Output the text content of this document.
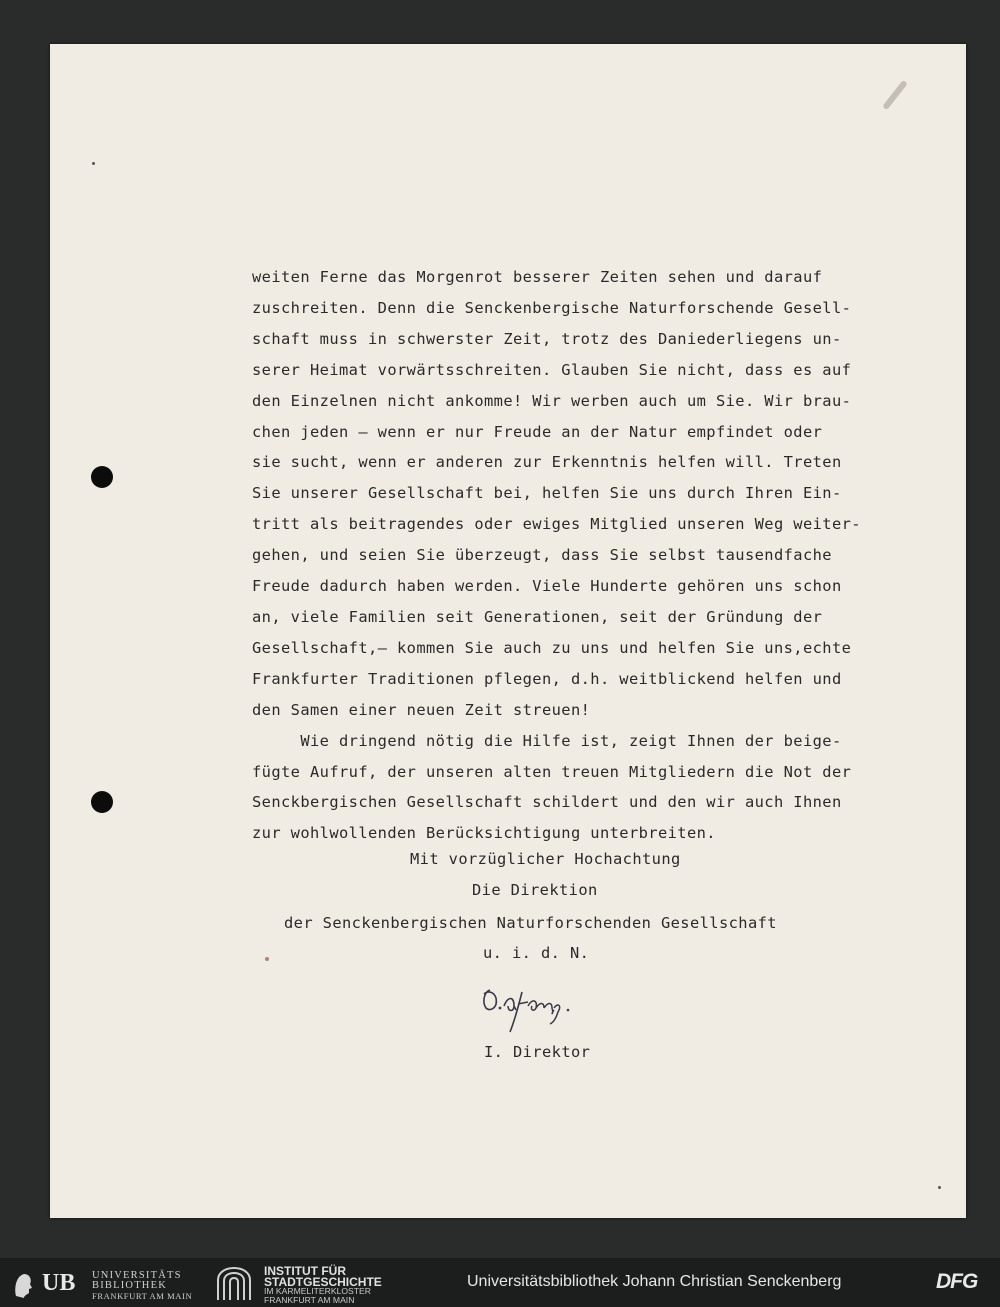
weiten Ferne das Morgenrot besserer Zeiten sehen und darauf
zuschreiten. Denn die Senckenbergische Naturforschende Gesell-
schaft muss in schwerster Zeit, trotz des Daniederliegens un-
serer Heimat vorwärtsschreiten. Glauben Sie nicht, dass es auf
den Einzelnen nicht ankomme! Wir werben auch um Sie. Wir brau-
chen jeden — wenn er nur Freude an der Natur empfindet oder
sie sucht, wenn er anderen zur Erkenntnis helfen will. Treten
Sie unserer Gesellschaft bei, helfen Sie uns durch Ihren Ein-
tritt als beitragendes oder ewiges Mitglied unseren Weg weiter-
gehen, und seien Sie überzeugt, dass Sie selbst tausendfache
Freude dadurch haben werden. Viele Hunderte gehören uns schon
an, viele Familien seit Generationen, seit der Gründung der
Gesellschaft,— kommen Sie auch zu uns und helfen Sie uns,echte
Frankfurter Traditionen pflegen, d.h. weitblickend helfen und
den Samen einer neuen Zeit streuen!
Wie dringend nötig die Hilfe ist, zeigt Ihnen der beige-
fügte Aufruf, der unseren alten treuen Mitgliedern die Not der
Senckbergischen Gesellschaft schildert und den wir auch Ihnen
zur wohlwollenden Berücksichtigung unterbreiten.
Mit vorzüglicher Hochachtung
Die Direktion
der Senckenbergischen Naturforschenden Gesellschaft
u. i. d. N.
I. Direktor
UB UNIVERSITÄTS
BIBLIOTHEK
FRANKFURT AM MAIN
INSTITUT FÜR
STADTGESCHICHTE
IM KARMELITERKLOSTER
FRANKFURT AM MAIN
Universitätsbibliothek Johann Christian Senckenberg	DFG
